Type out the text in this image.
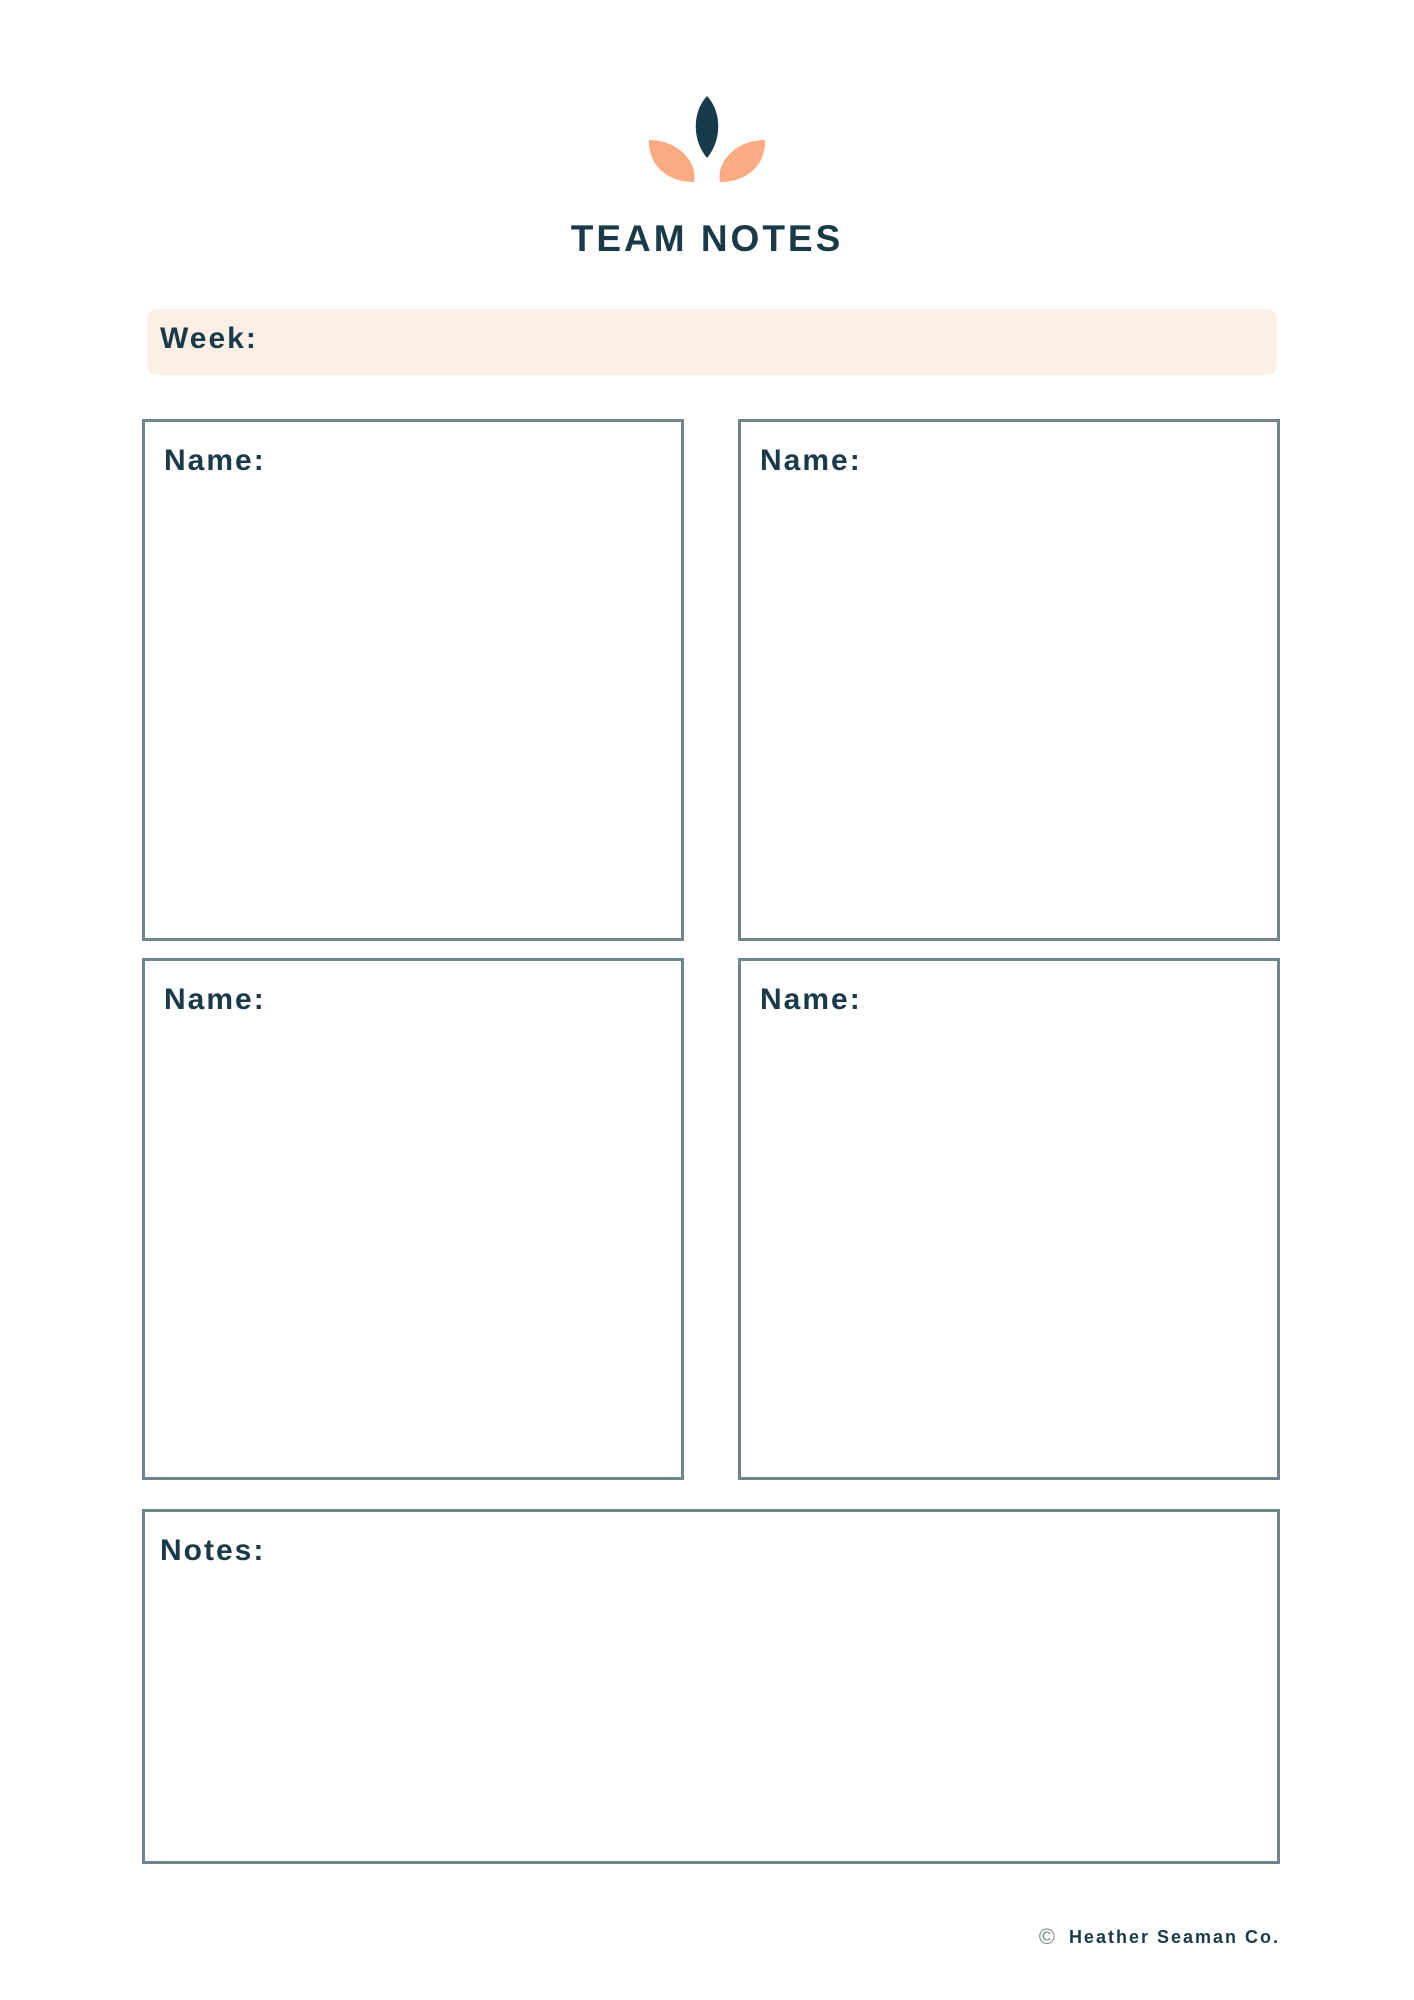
TEAM NOTES
Week:
Name:	Name:
Name:	Name:
Notes:
© Heather Seaman Co.
